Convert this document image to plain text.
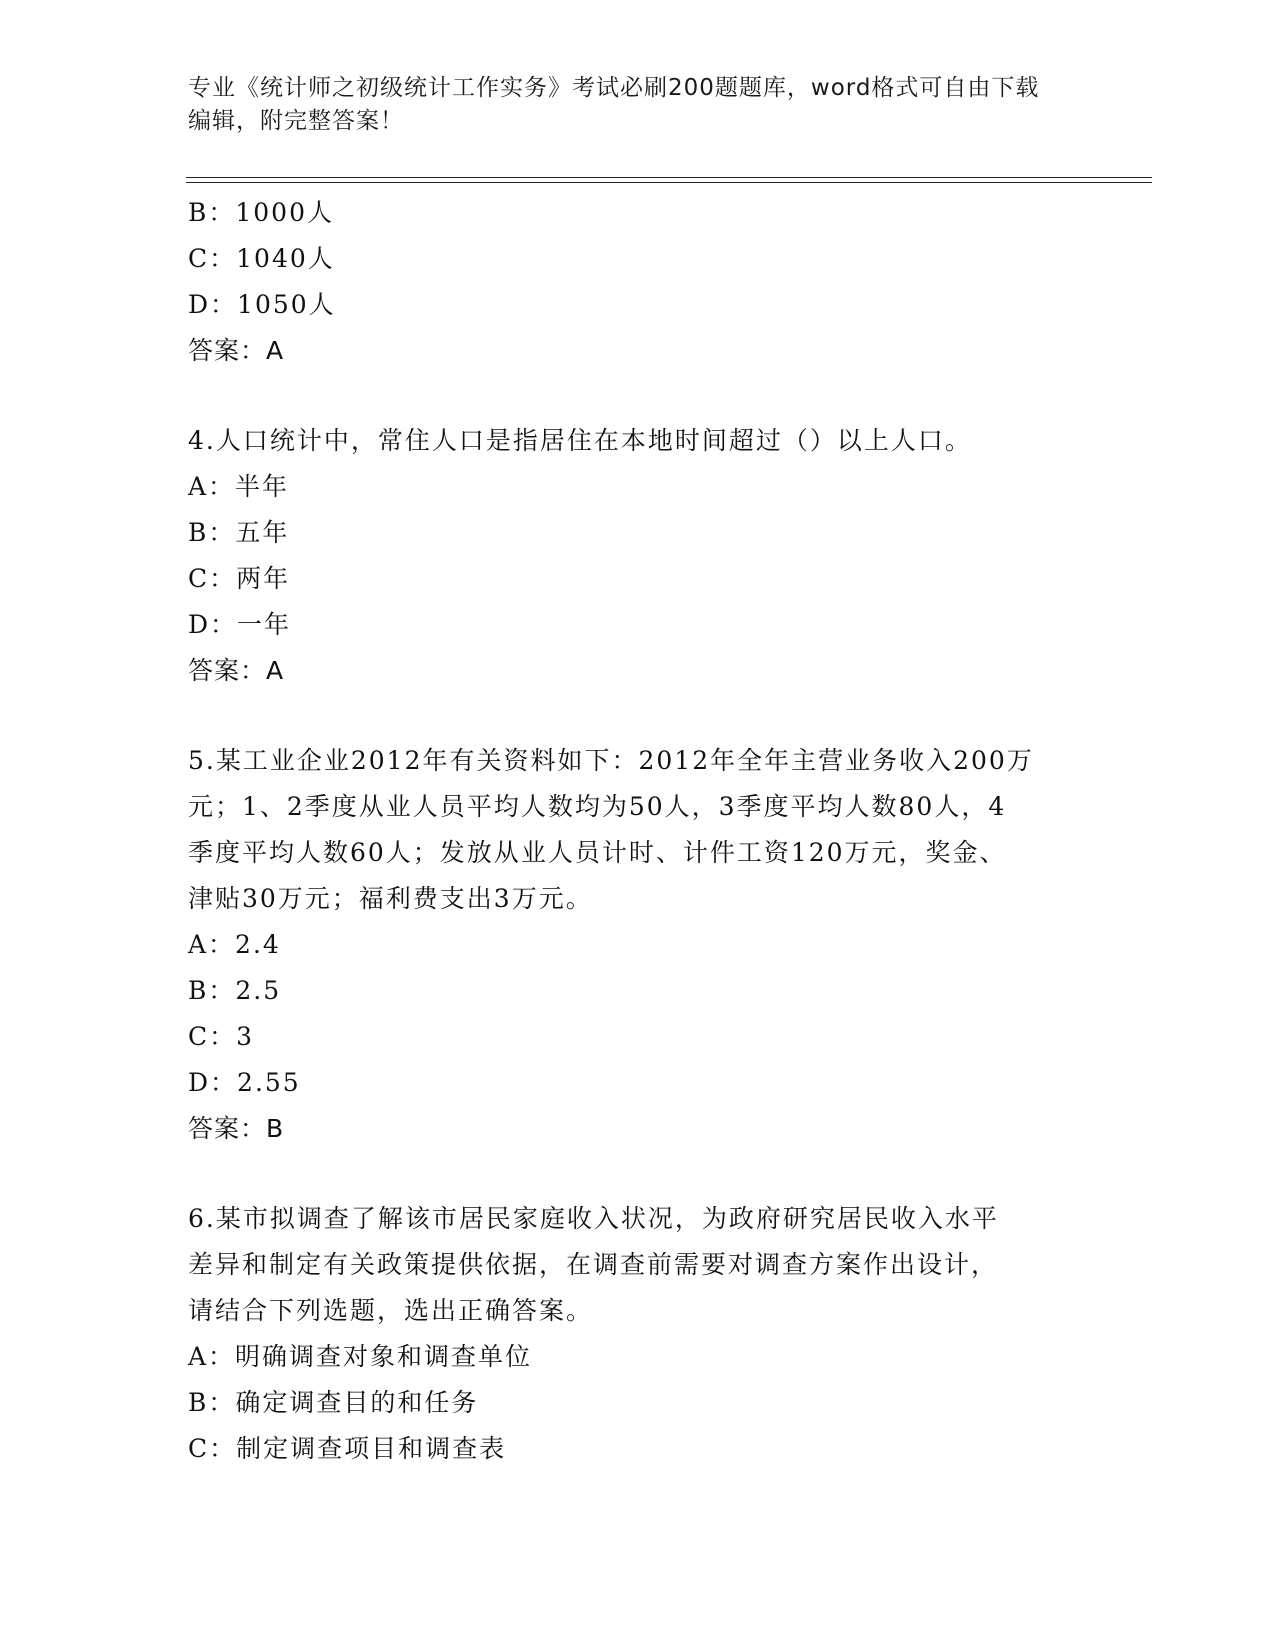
专业《统计师之初级统计工作实务》考试必刷200题题库，word格式可自由下载
编辑，附完整答案！
B：1000人
C：1040人
D：1050人
答案：A
4.人口统计中，常住人口是指居住在本地时间超过（）以上人口。
A：半年
B：五年
C：两年
D：一年
答案：A
5.某工业企业2012年有关资料如下：2012年全年主营业务收入200万
元；1、2季度从业人员平均人数均为50人，3季度平均人数80人，4
季度平均人数60人；发放从业人员计时、计件工资120万元，奖金、
津贴30万元；福利费支出3万元。
A：2.4
B：2.5
C：3
D：2.55
答案：B
6.某市拟调查了解该市居民家庭收入状况，为政府研究居民收入水平
差异和制定有关政策提供依据，在调查前需要对调查方案作出设计，
请结合下列选题，选出正确答案。
A：明确调查对象和调查单位
B：确定调查目的和任务
C：制定调查项目和调查表
